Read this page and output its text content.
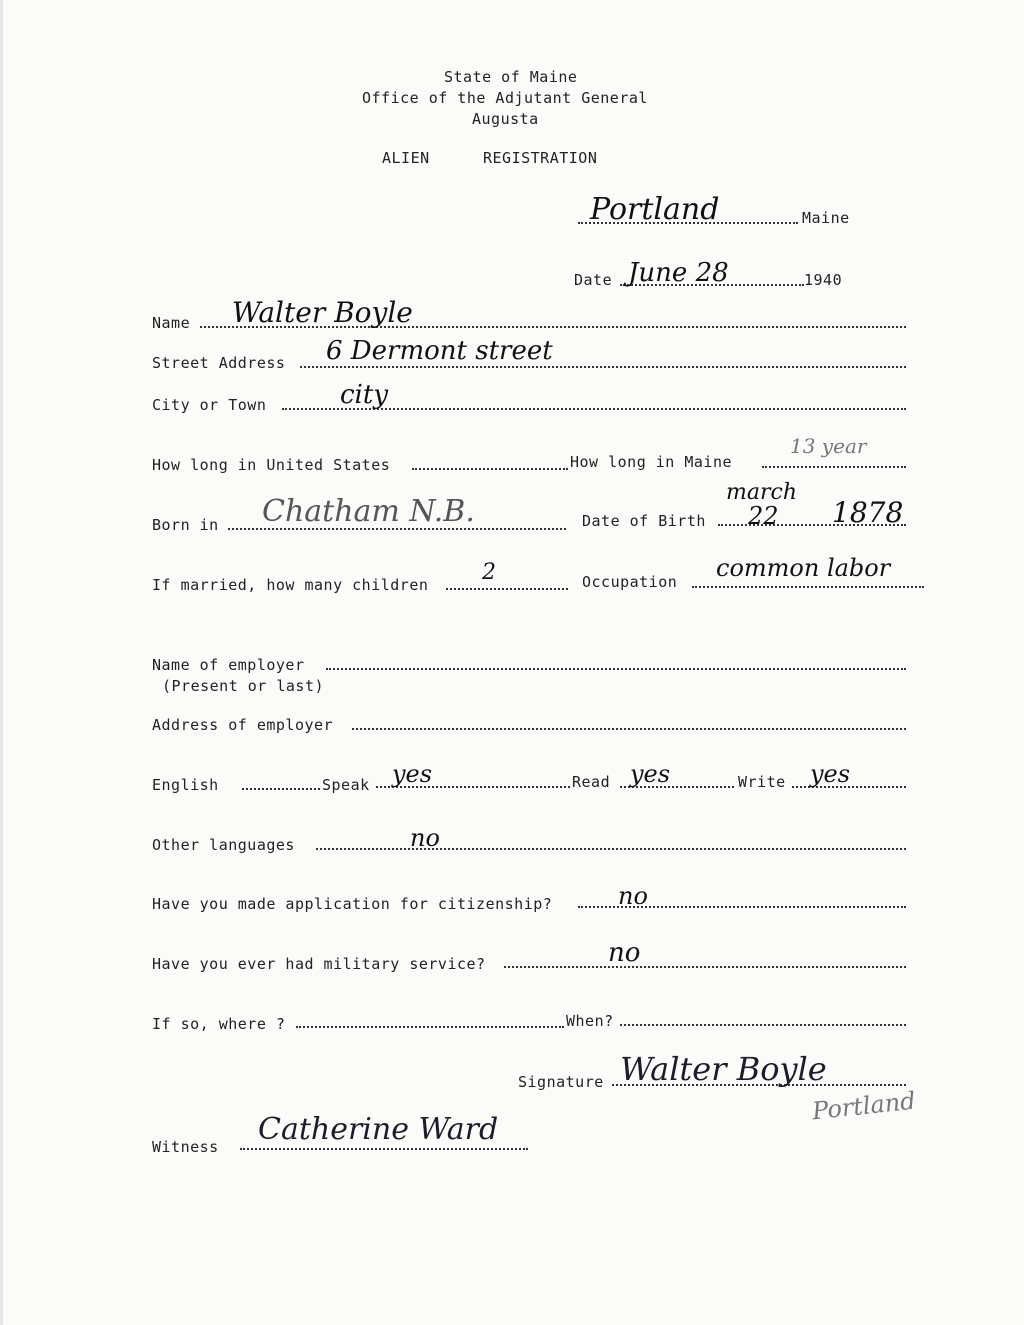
State of Maine
Office of the Adjutant General
Augusta
ALIEN	REGISTRATION
Portland	Maine
Date June 28	1940
Name Walter Boyle
Street Address 6 Dermont street
City or Town	city
How long in United States	How long in Maine
13 year
Born in Chatham N.B.	Date of Birth
march
22 1878
If married, how many children 2	Occupation common labor
Name of employer
(Present or last)
Address of employer
English	Speak yes	Read yes	Write yes
Other languages	no
Have you made application for citizenship?	no
Have you ever had military service?	no
If so, where ?	When?
Signature Walter Boyle
Portland
Witness Catherine Ward
